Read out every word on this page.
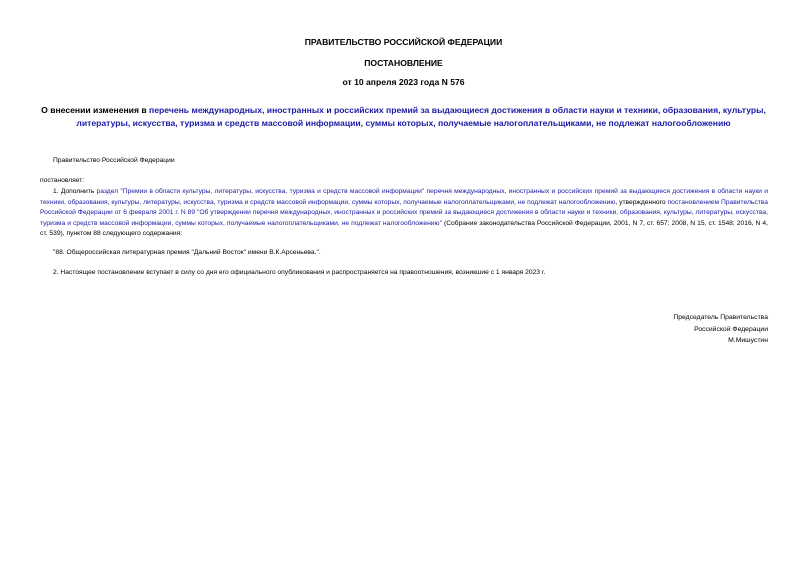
ПРАВИТЕЛЬСТВО РОССИЙСКОЙ ФЕДЕРАЦИИ

ПОСТАНОВЛЕНИЕ

от 10 апреля 2023 года N 576

О внесении изменения в перечень международных, иностранных и российских премий за выдающиеся достижения в области науки и техники, образования, культуры, литературы, искусства, туризма и средств массовой информации, суммы которых, получаемые налогоплательщиками, не подлежат налогообложению

Правительство Российской Федерации

постановляет:

1. Дополнить раздел "Премии в области культуры, литературы, искусства, туризма и средств массовой информации" перечня международных, иностранных и российских премий за выдающиеся достижения в области науки и техники, образования, культуры, литературы, искусства, туризма и средств массовой информации, суммы которых, получаемые налогоплательщиками, не подлежат налогообложению, утвержденного постановлением Правительства Российской Федерации от 6 февраля 2001 г. N 89 "Об утверждении перечня международных, иностранных и российских премий за выдающиеся достижения в области науки и техники, образования, культуры, литературы, искусства, туризма и средств массовой информации, суммы которых, получаемые налогоплательщиками, не подлежат налогообложению" (Собрание законодательства Российской Федерации, 2001, N 7, ст. 657; 2008, N 15, ст. 1548; 2016, N 4, ст. 539), пунктом 88 следующего содержания:

"88. Общероссийская литературная премия "Дальний Восток" имени В.К.Арсеньева.".

2. Настоящее постановление вступает в силу со дня его официального опубликования и распространяется на правоотношения, возникшие с 1 января 2023 г.

Председатель Правительства
Российской Федерации
М.Мишустин
